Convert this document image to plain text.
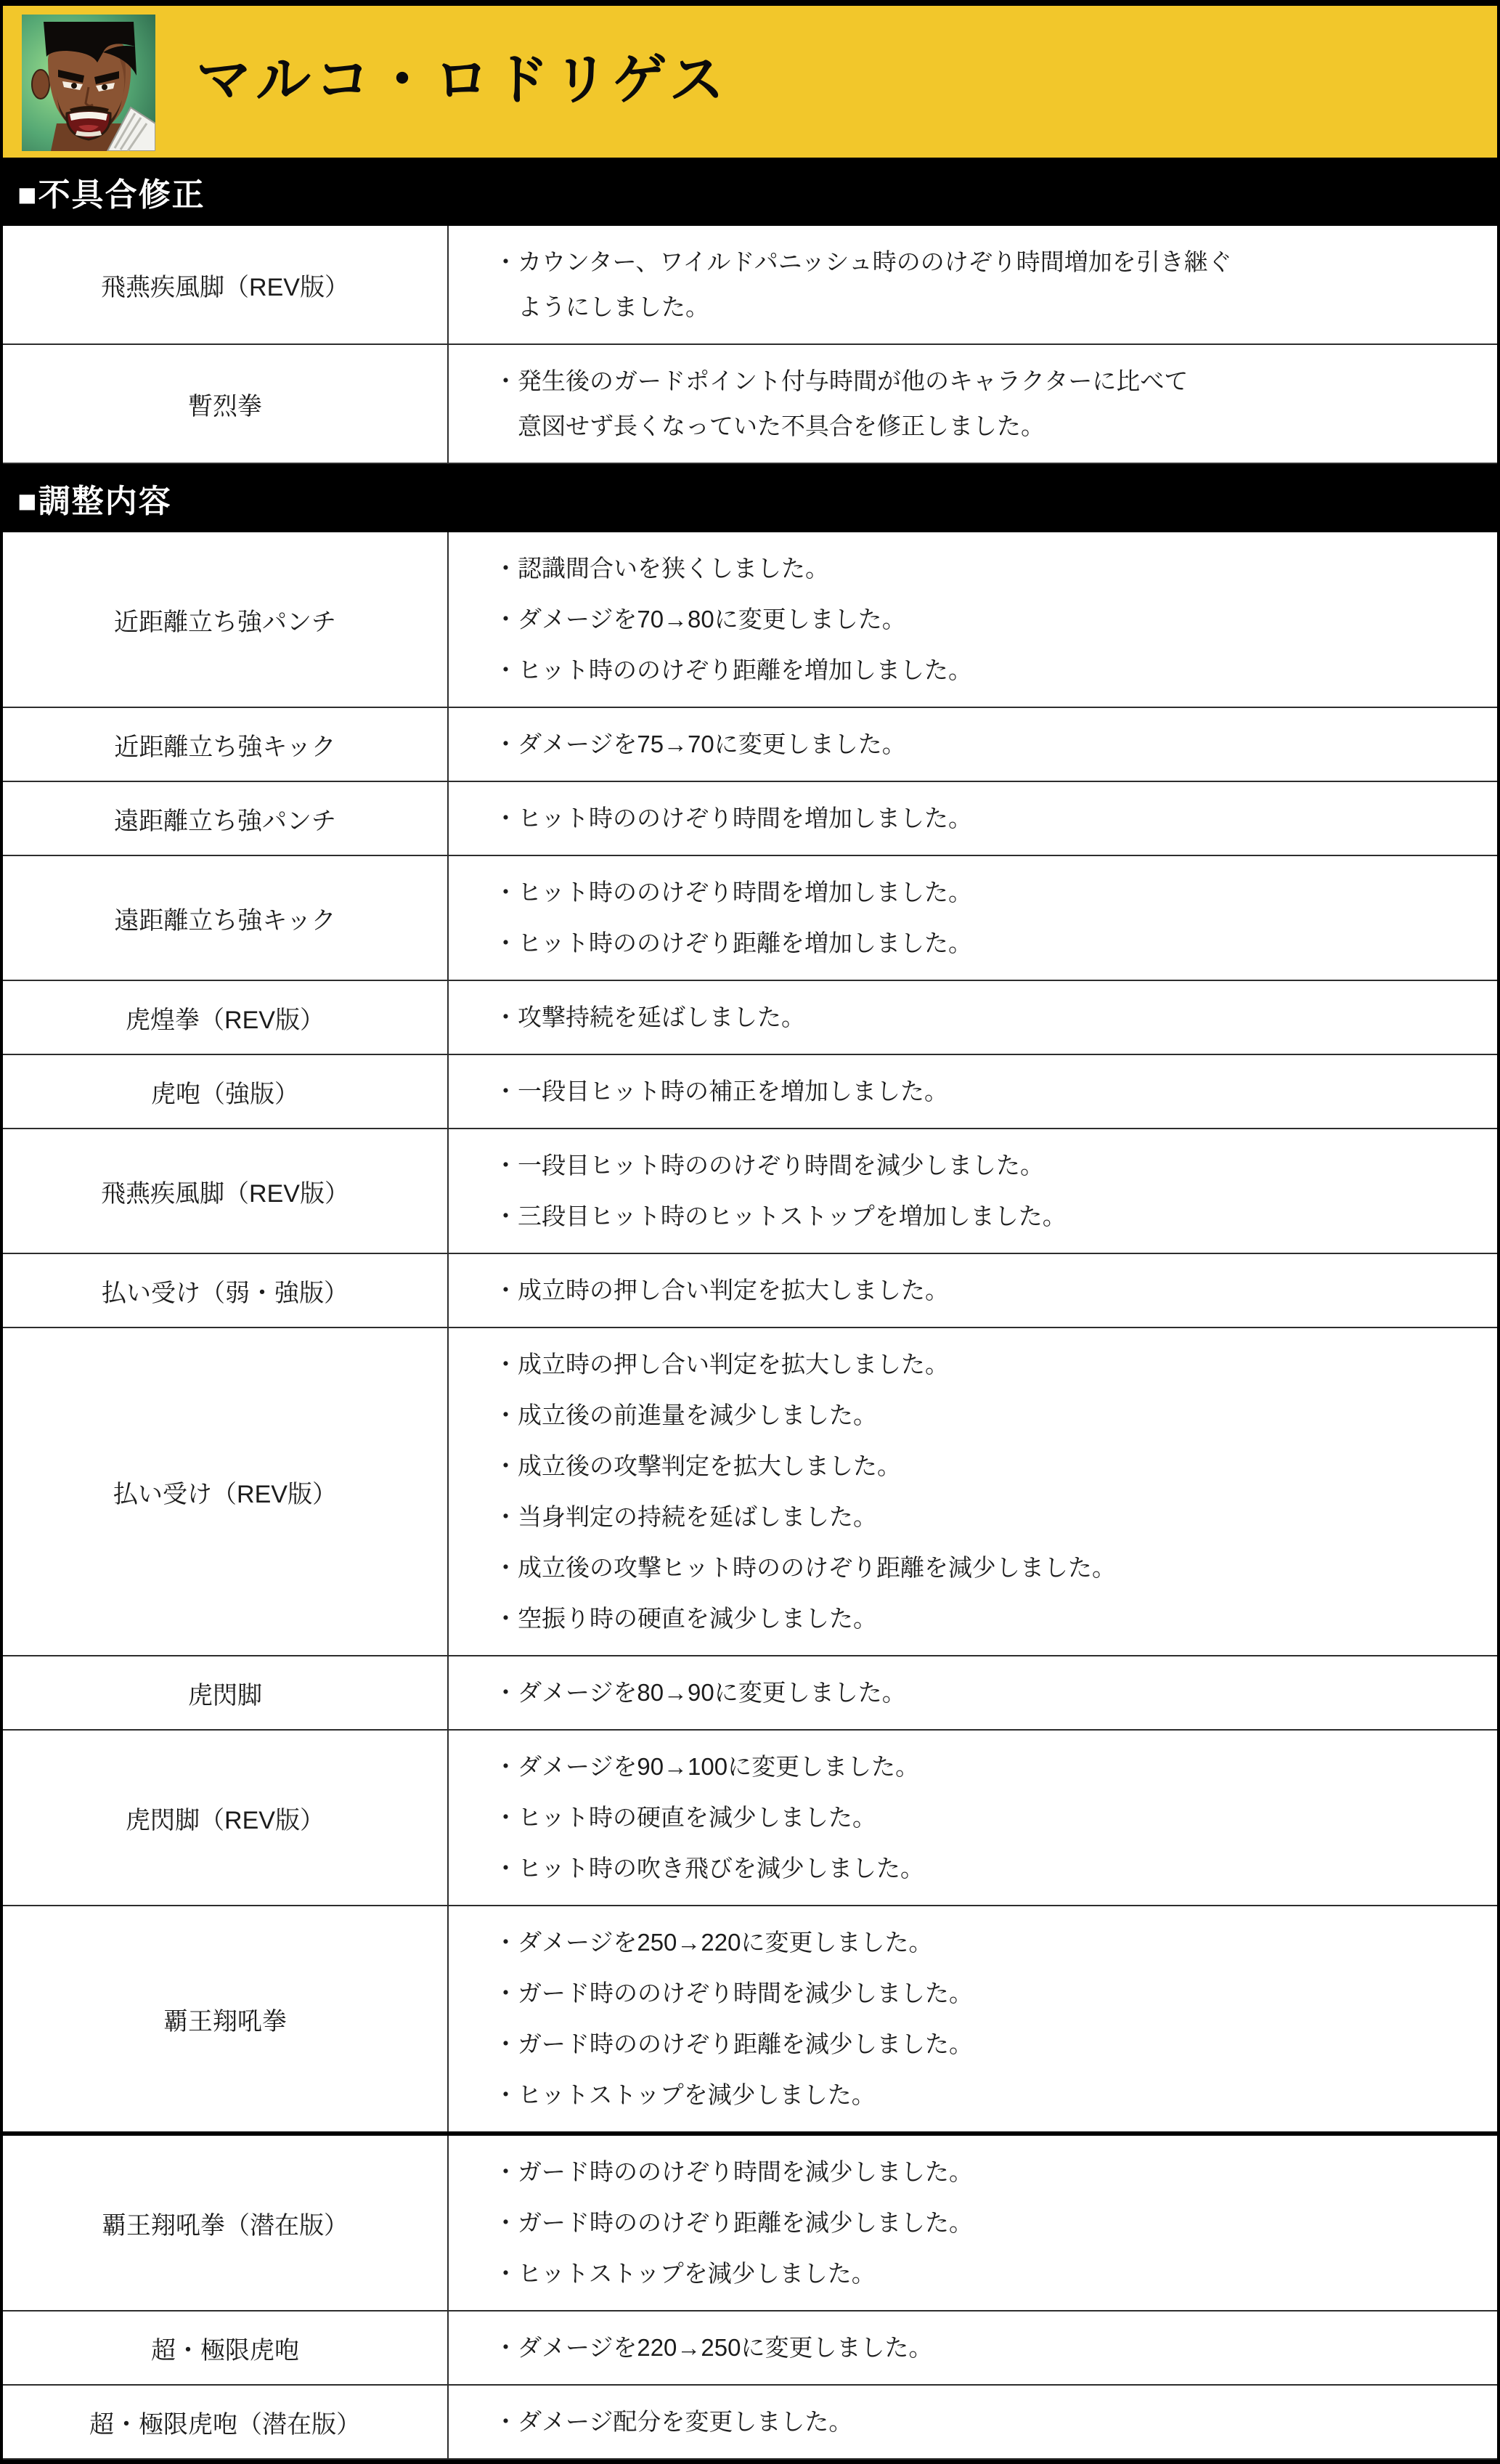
マルコ・ロドリゲス
■不具合修正
飛燕疾風脚（REV版）
・カウンター、ワイルドパニッシュ時ののけぞり時間増加を引き継ぐ
ようにしました。
暫烈拳
・発生後のガードポイント付与時間が他のキャラクターに比べて
意図せず長くなっていた不具合を修正しました。
■調整内容
近距離立ち強パンチ
・認識間合いを狭くしました。
・ダメージを70→80に変更しました。
・ヒット時ののけぞり距離を増加しました。
近距離立ち強キック	・ダメージを75→70に変更しました。
遠距離立ち強パンチ	・ヒット時ののけぞり時間を増加しました。
遠距離立ち強キック
・ヒット時ののけぞり時間を増加しました。
・ヒット時ののけぞり距離を増加しました。
虎煌拳（REV版）	・攻撃持続を延ばしました。
虎咆（強版）	・一段目ヒット時の補正を増加しました。
飛燕疾風脚（REV版）
・一段目ヒット時ののけぞり時間を減少しました。
・三段目ヒット時のヒットストップを増加しました。
払い受け（弱・強版）	・成立時の押し合い判定を拡大しました。
払い受け（REV版）
・成立時の押し合い判定を拡大しました。
・成立後の前進量を減少しました。
・成立後の攻撃判定を拡大しました。
・当身判定の持続を延ばしました。
・成立後の攻撃ヒット時ののけぞり距離を減少しました。
・空振り時の硬直を減少しました。
虎閃脚	・ダメージを80→90に変更しました。
虎閃脚（REV版）
・ダメージを90→100に変更しました。
・ヒット時の硬直を減少しました。
・ヒット時の吹き飛びを減少しました。
覇王翔吼拳
・ダメージを250→220に変更しました。
・ガード時ののけぞり時間を減少しました。
・ガード時ののけぞり距離を減少しました。
・ヒットストップを減少しました。
覇王翔吼拳（潜在版）
・ガード時ののけぞり時間を減少しました。
・ガード時ののけぞり距離を減少しました。
・ヒットストップを減少しました。
超・極限虎咆	・ダメージを220→250に変更しました。
超・極限虎咆（潜在版）	・ダメージ配分を変更しました。
